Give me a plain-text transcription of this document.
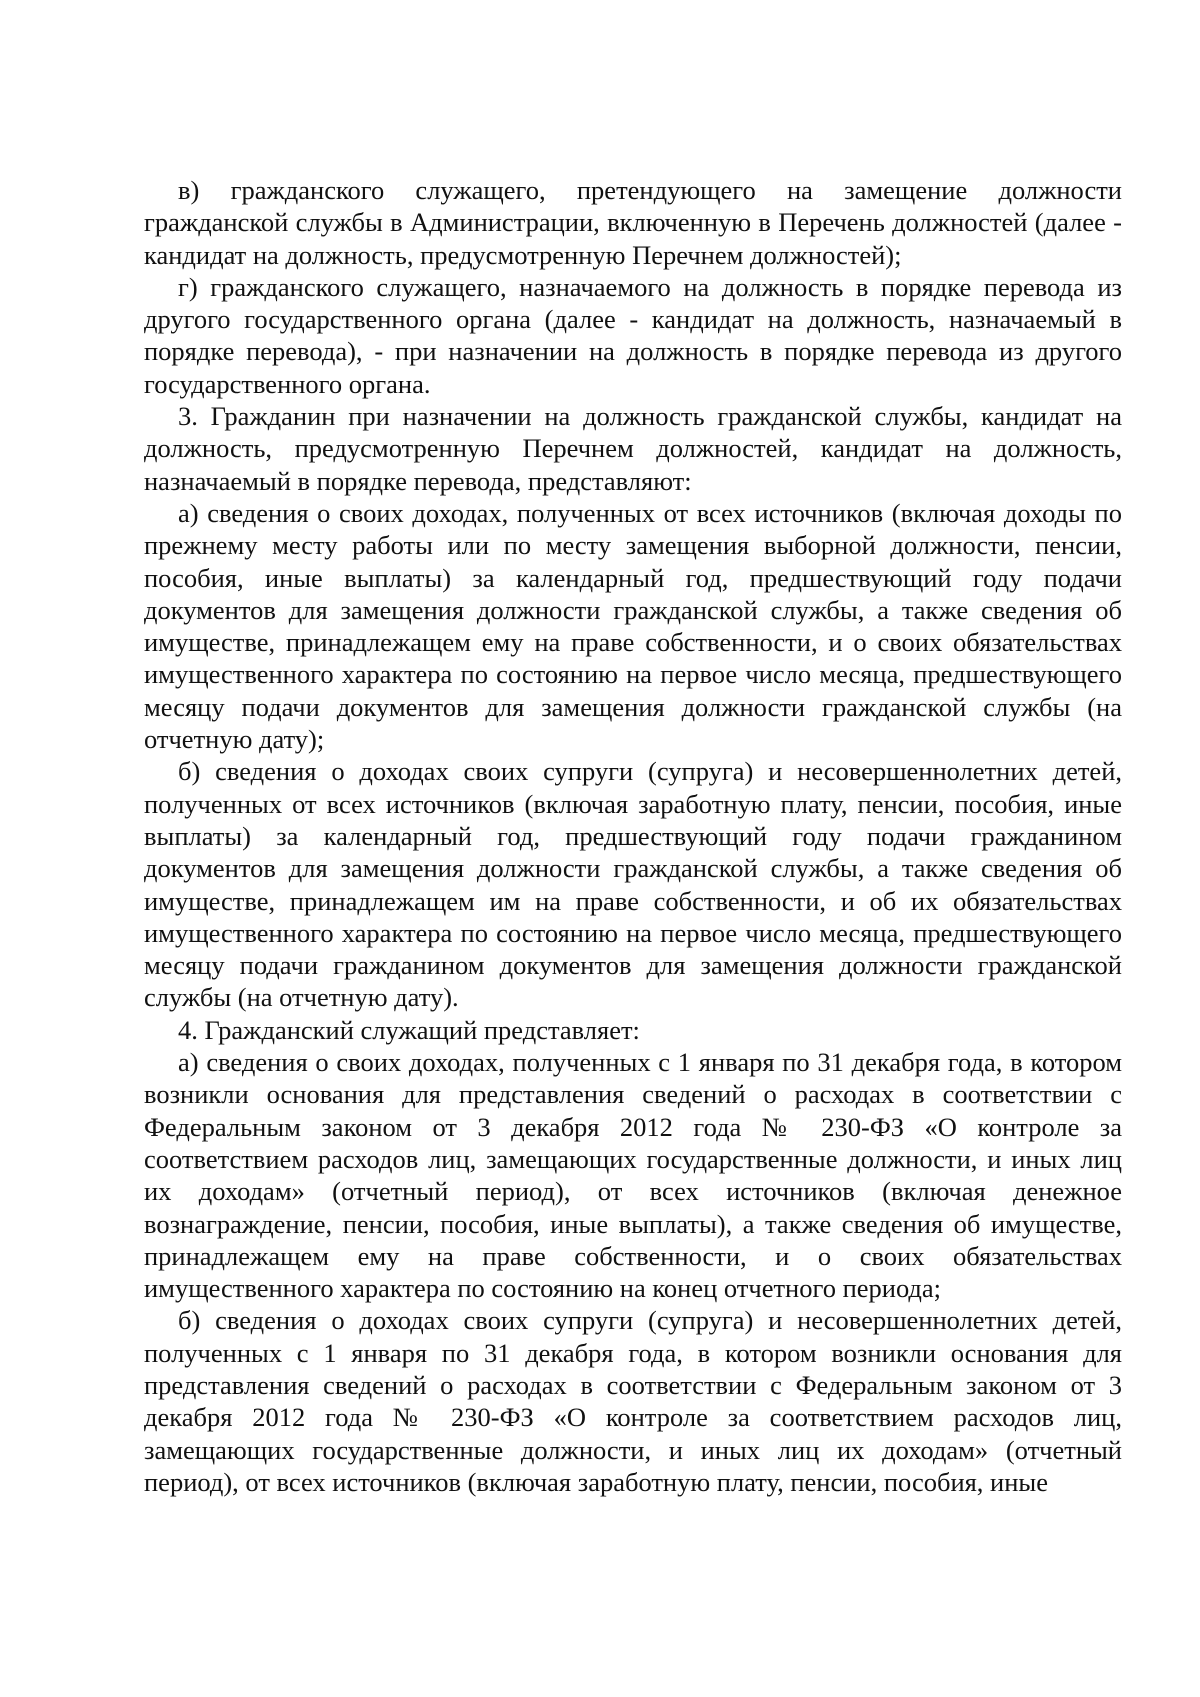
в) гражданского служащего, претендующего на замещение должности гражданской службы в Администрации, включенную в Перечень должностей (далее - кандидат на должность, предусмотренную Перечнем должностей);

г) гражданского служащего, назначаемого на должность в порядке перевода из другого государственного органа (далее - кандидат на должность, назначаемый в порядке перевода), - при назначении на должность в порядке перевода из другого государственного органа.

3. Гражданин при назначении на должность гражданской службы, кандидат на должность, предусмотренную Перечнем должностей, кандидат на должность, назначаемый в порядке перевода, представляют:

а) сведения о своих доходах, полученных от всех источников (включая доходы по прежнему месту работы или по месту замещения выборной должности, пенсии, пособия, иные выплаты) за календарный год, предшествующий году подачи документов для замещения должности гражданской службы, а также сведения об имуществе, принадлежащем ему на праве собственности, и о своих обязательствах имущественного характера по состоянию на первое число месяца, предшествующего месяцу подачи документов для замещения должности гражданской службы (на отчетную дату);

б) сведения о доходах своих супруги (супруга) и несовершеннолетних детей, полученных от всех источников (включая заработную плату, пенсии, пособия, иные выплаты) за календарный год, предшествующий году подачи гражданином документов для замещения должности гражданской службы, а также сведения об имуществе, принадлежащем им на праве собственности, и об их обязательствах имущественного характера по состоянию на первое число месяца, предшествующего месяцу подачи гражданином документов для замещения должности гражданской службы (на отчетную дату).

4. Гражданский служащий представляет:

а) сведения о своих доходах, полученных с 1 января по 31 декабря года, в котором возникли основания для представления сведений о расходах в соответствии с Федеральным законом от 3 декабря 2012 года № 230-ФЗ «О контроле за соответствием расходов лиц, замещающих государственные должности, и иных лиц их доходам» (отчетный период), от всех источников (включая денежное вознаграждение, пенсии, пособия, иные выплаты), а также сведения об имуществе, принадлежащем ему на праве собственности, и о своих обязательствах имущественного характера по состоянию на конец отчетного периода;

б) сведения о доходах своих супруги (супруга) и несовершеннолетних детей, полученных с 1 января по 31 декабря года, в котором возникли основания для представления сведений о расходах в соответствии с Федеральным законом от 3 декабря 2012 года № 230-ФЗ «О контроле за соответствием расходов лиц, замещающих государственные должности, и иных лиц их доходам» (отчетный период), от всех источников (включая заработную плату, пенсии, пособия, иные
